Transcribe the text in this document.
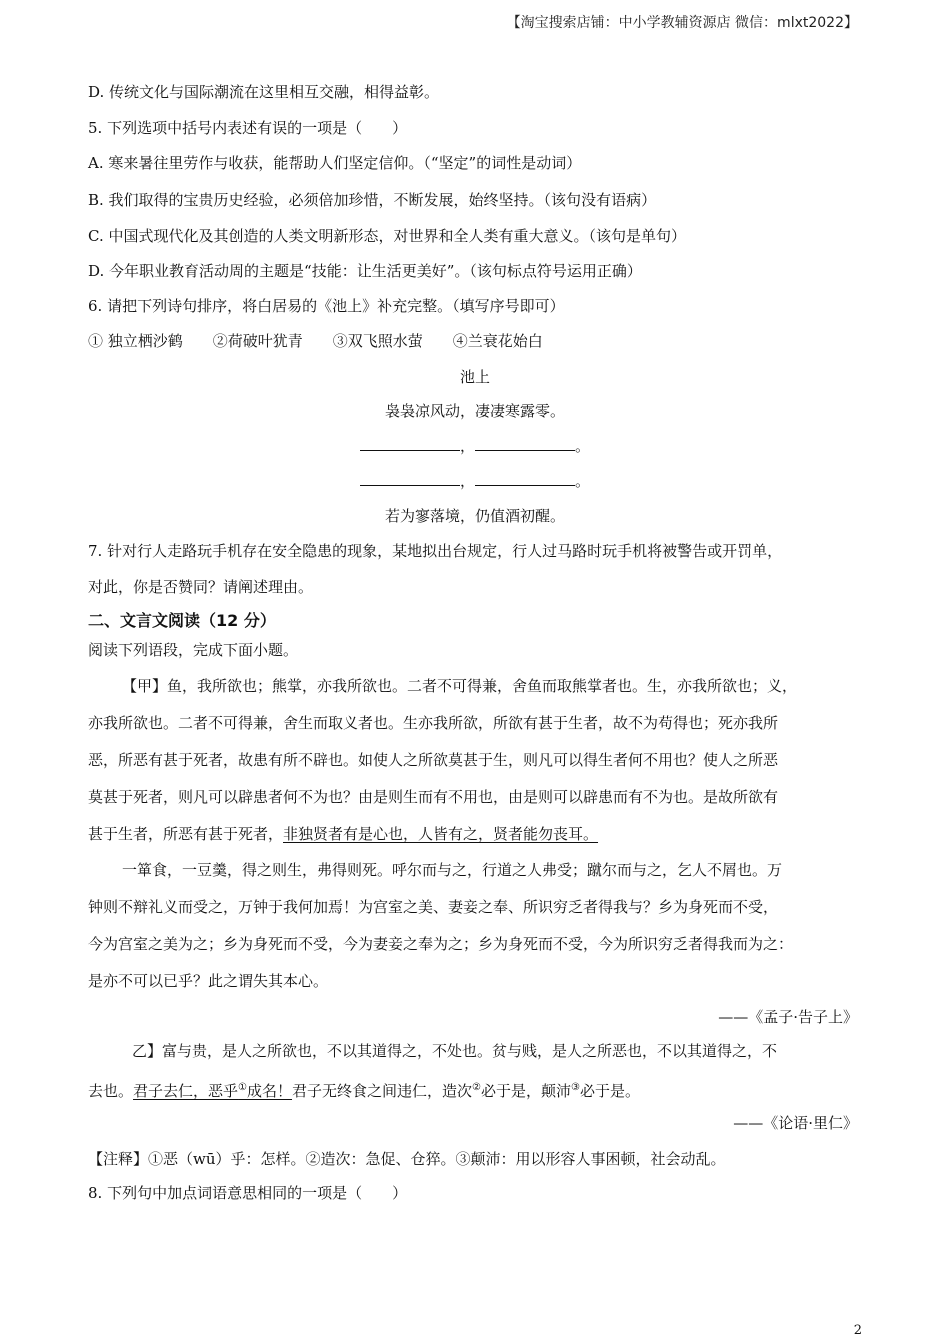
【淘宝搜索店铺：中小学教辅资源店 微信：mlxt2022】
D. 传统文化与国际潮流在这里相互交融，相得益彰。
5. 下列选项中括号内表述有误的一项是（　　）
A. 寒来暑往里劳作与收获，能帮助人们坚定信仰。（“坚定”的词性是动词）
B. 我们取得的宝贵历史经验，必须倍加珍惜，不断发展，始终坚持。（该句没有语病）
C. 中国式现代化及其创造的人类文明新形态，对世界和全人类有重大意义。（该句是单句）
D. 今年职业教育活动周的主题是“技能：让生活更美好”。（该句标点符号运用正确）
6. 请把下列诗句排序，将白居易的《池上》补充完整。（填写序号即可）
① 独立栖沙鹤　　②荷破叶犹青　　③双飞照水萤　　④兰衰花始白
池上
袅袅凉风动，凄凄寒露零。
，	。
，	。
若为寥落境，仍值酒初醒。
7. 针对行人走路玩手机存在安全隐患的现象，某地拟出台规定，行人过马路时玩手机将被警告或开罚单，
对此，你是否赞同？请阐述理由。
二、文言文阅读（12 分）
阅读下列语段，完成下面小题。
【甲】鱼，我所欲也；熊掌，亦我所欲也。二者不可得兼，舍鱼而取熊掌者也。生，亦我所欲也；义，
亦我所欲也。二者不可得兼，舍生而取义者也。生亦我所欲，所欲有甚于生者，故不为苟得也；死亦我所
恶，所恶有甚于死者，故患有所不辟也。如使人之所欲莫甚于生，则凡可以得生者何不用也？使人之所恶
莫甚于死者，则凡可以辟患者何不为也？由是则生而有不用也，由是则可以辟患而有不为也。是故所欲有
甚于生者，所恶有甚于死者，非独贤者有是心也，人皆有之，贤者能勿丧耳。
一箪食，一豆羹，得之则生，弗得则死。呼尔而与之，行道之人弗受；蹴尔而与之，乞人不屑也。万
钟则不辩礼义而受之，万钟于我何加焉！为宫室之美、妻妾之奉、所识穷乏者得我与？乡为身死而不受，
今为宫室之美为之；乡为身死而不受，今为妻妾之奉为之；乡为身死而不受，今为所识穷乏者得我而为之：
是亦不可以已乎？此之谓失其本心。
——《孟子·告子上》
乙】富与贵，是人之所欲也，不以其道得之，不处也。贫与贱，是人之所恶也，不以其道得之，不
去也。君子去仁，恶乎①成名！君子无终食之间违仁，造次②必于是，颠沛③必于是。
——《论语·里仁》
【注释】①恶（wū）乎：怎样。②造次：急促、仓猝。③颠沛：用以形容人事困顿，社会动乱。
8. 下列句中加点词语意思相同的一项是（　　）
2
